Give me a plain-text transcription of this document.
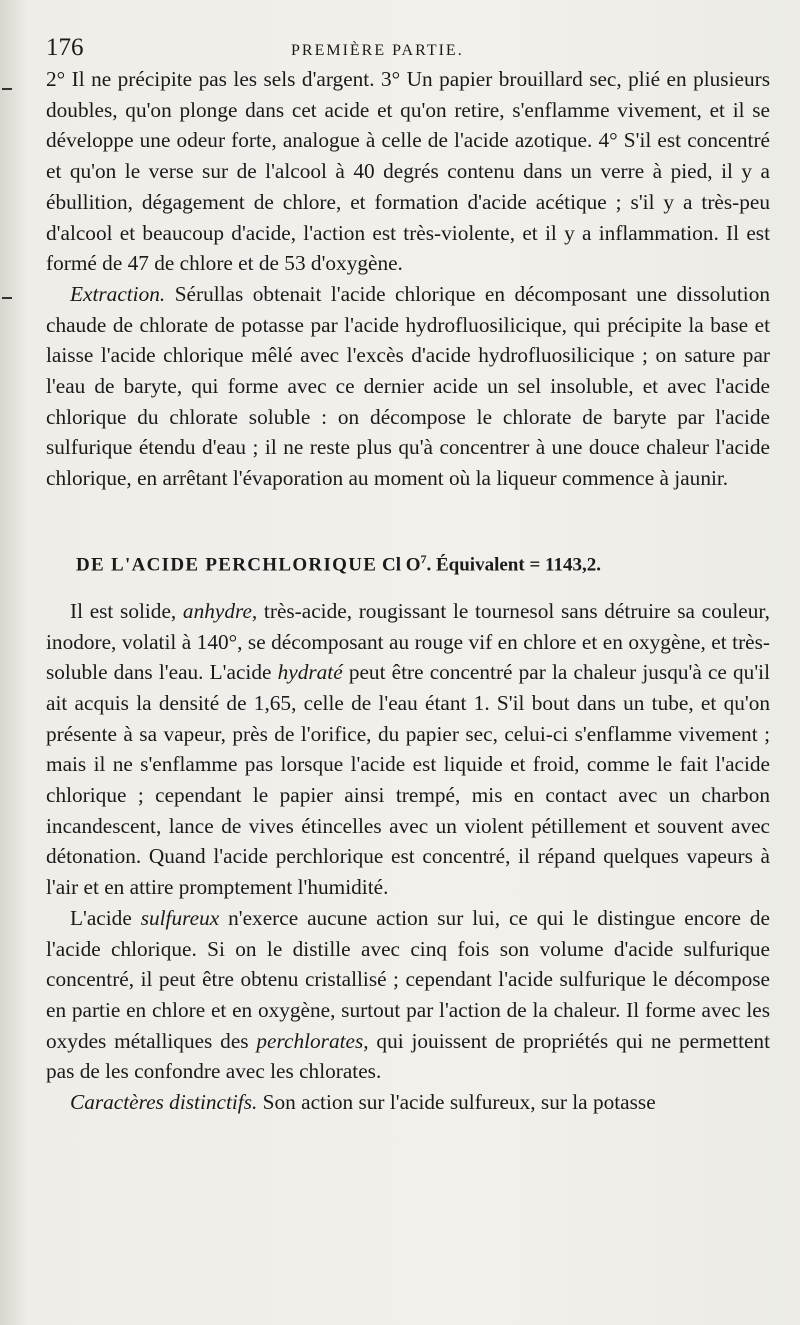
176	PREMIÈRE PARTIE.

2° Il ne précipite pas les sels d'argent. 3° Un papier brouillard sec, plié en plusieurs doubles, qu'on plonge dans cet acide et qu'on retire, s'enflamme vivement, et il se développe une odeur forte, analogue à celle de l'acide azotique. 4° S'il est concentré et qu'on le verse sur de l'alcool à 40 degrés contenu dans un verre à pied, il y a ébullition, dégagement de chlore, et formation d'acide acétique ; s'il y a très-peu d'alcool et beaucoup d'acide, l'action est très-violente, et il y a inflammation. Il est formé de 47 de chlore et de 53 d'oxygène.

Extraction. Sérullas obtenait l'acide chlorique en décomposant une dissolution chaude de chlorate de potasse par l'acide hydrofluosilicique, qui précipite la base et laisse l'acide chlorique mêlé avec l'excès d'acide hydrofluosilicique ; on sature par l'eau de baryte, qui forme avec ce dernier acide un sel insoluble, et avec l'acide chlorique du chlorate soluble : on décompose le chlorate de baryte par l'acide sulfurique étendu d'eau ; il ne reste plus qu'à concentrer à une douce chaleur l'acide chlorique, en arrêtant l'évaporation au moment où la liqueur commence à jaunir.

DE L'ACIDE PERCHLORIQUE Cl $O^7$. Équivalent = 1143,2.

Il est solide, anhydre, très-acide, rougissant le tournesol sans détruire sa couleur, inodore, volatil à 140°, se décomposant au rouge vif en chlore et en oxygène, et très-soluble dans l'eau. L'acide hydraté peut être concentré par la chaleur jusqu'à ce qu'il ait acquis la densité de 1,65, celle de l'eau étant 1. S'il bout dans un tube, et qu'on présente à sa vapeur, près de l'orifice, du papier sec, celui-ci s'enflamme vivement ; mais il ne s'enflamme pas lorsque l'acide est liquide et froid, comme le fait l'acide chlorique ; cependant le papier ainsi trempé, mis en contact avec un charbon incandescent, lance de vives étincelles avec un violent pétillement et souvent avec détonation. Quand l'acide perchlorique est concentré, il répand quelques vapeurs à l'air et en attire promptement l'humidité.

L'acide sulfureux n'exerce aucune action sur lui, ce qui le distingue encore de l'acide chlorique. Si on le distille avec cinq fois son volume d'acide sulfurique concentré, il peut être obtenu cristallisé ; cependant l'acide sulfurique le décompose en partie en chlore et en oxygène, surtout par l'action de la chaleur. Il forme avec les oxydes métalliques des perchlorates, qui jouissent de propriétés qui ne permettent pas de les confondre avec les chlorates.

Caractères distinctifs. Son action sur l'acide sulfureux, sur la potasse
